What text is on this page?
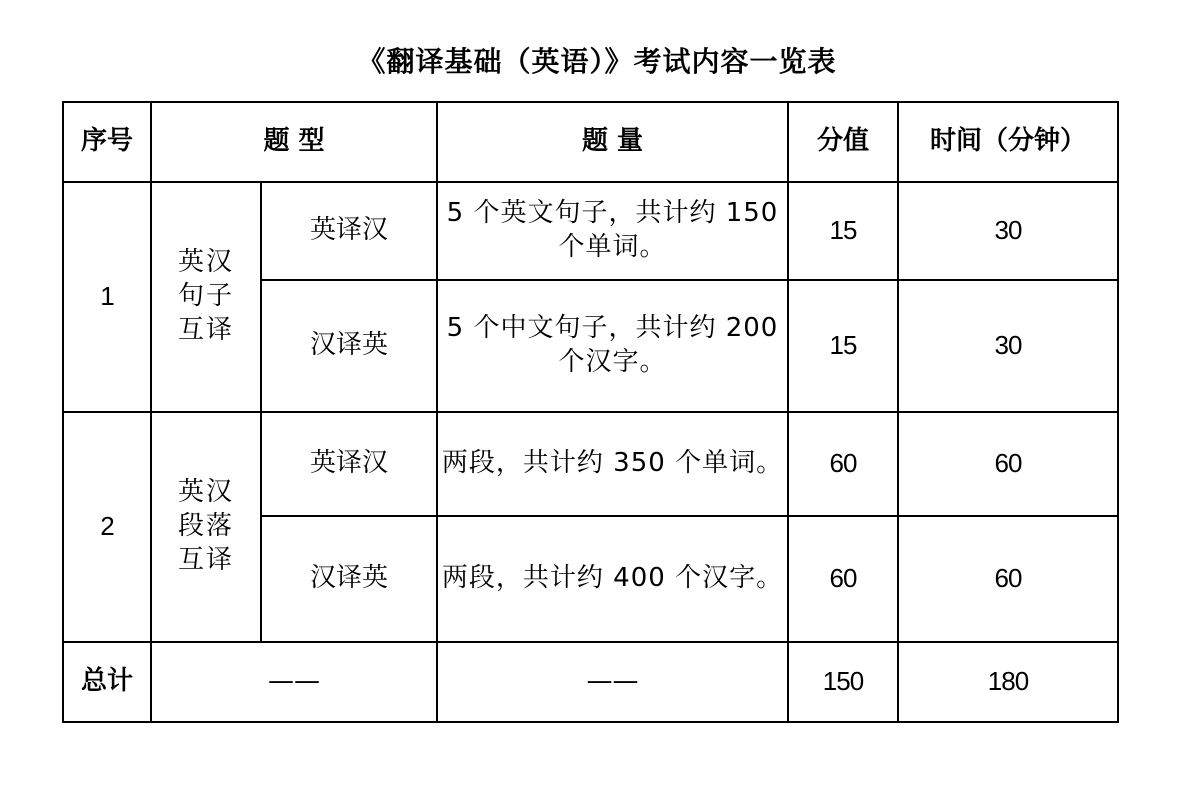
《翻译基础（英语）》考试内容一览表
序号	题 型		题 量	分值	时间（分钟）
1	英汉
句子
互译	英译汉	5 个英文句子，共计约 150 个单词。	15	30
		汉译英	5 个中文句子，共计约 200 个汉字。	15	30
2	英汉
段落
互译	英译汉	两段，共计约 350 个单词。	60	60
		汉译英	两段，共计约 400 个汉字。	60	60
总计	——		——	150	180
